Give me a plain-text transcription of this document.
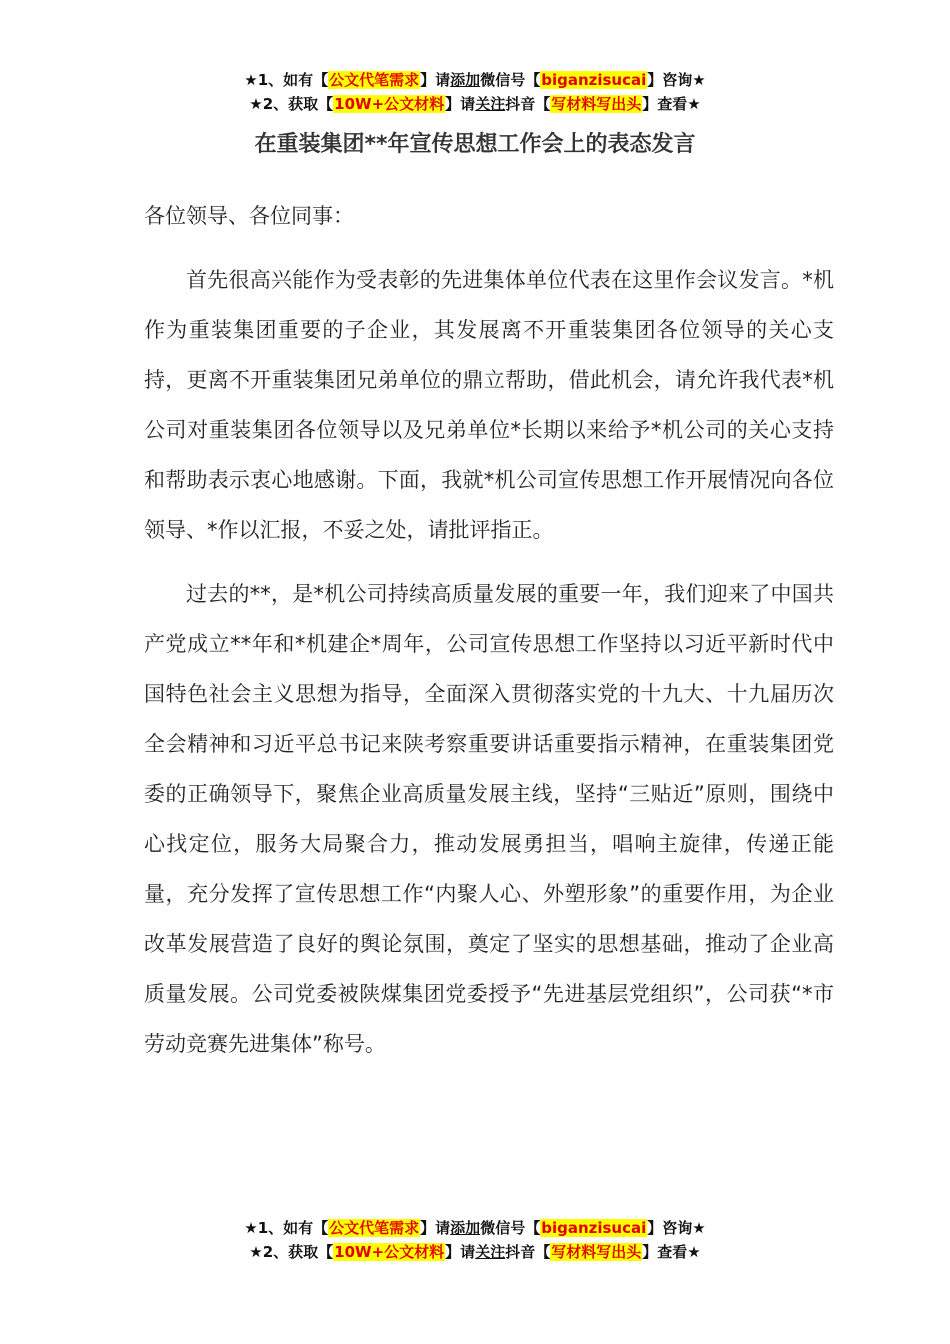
★1、如有【公文代笔需求】请添加微信号【biganzisucai】咨询★
★2、获取【10W+公文材料】请关注抖音【写材料写出头】查看★
在重装集团**年宣传思想工作会上的表态发言

各位领导、各位同事：

首先很高兴能作为受表彰的先进集体单位代表在这里作会议发言。*机作为重装集团重要的子企业，其发展离不开重装集团各位领导的关心支持，更离不开重装集团兄弟单位的鼎立帮助，借此机会，请允许我代表*机公司对重装集团各位领导以及兄弟单位*长期以来给予*机公司的关心支持和帮助表示衷心地感谢。下面，我就*机公司宣传思想工作开展情况向各位领导、*作以汇报，不妥之处，请批评指正。

过去的**，是*机公司持续高质量发展的重要一年，我们迎来了中国共产党成立**年和*机建企*周年，公司宣传思想工作坚持以习近平新时代中国特色社会主义思想为指导，全面深入贯彻落实党的十九大、十九届历次全会精神和习近平总书记来陕考察重要讲话重要指示精神，在重装集团党委的正确领导下，聚焦企业高质量发展主线，坚持“三贴近”原则，围绕中心找定位，服务大局聚合力，推动发展勇担当，唱响主旋律，传递正能量，充分发挥了宣传思想工作“内聚人心、外塑形象”的重要作用，为企业改革发展营造了良好的舆论氛围，奠定了坚实的思想基础，推动了企业高质量发展。公司党委被陕煤集团党委授予“先进基层党组织”，公司获“*市劳动竞赛先进集体”称号。

★1、如有【公文代笔需求】请添加微信号【biganzisucai】咨询★
★2、获取【10W+公文材料】请关注抖音【写材料写出头】查看★
